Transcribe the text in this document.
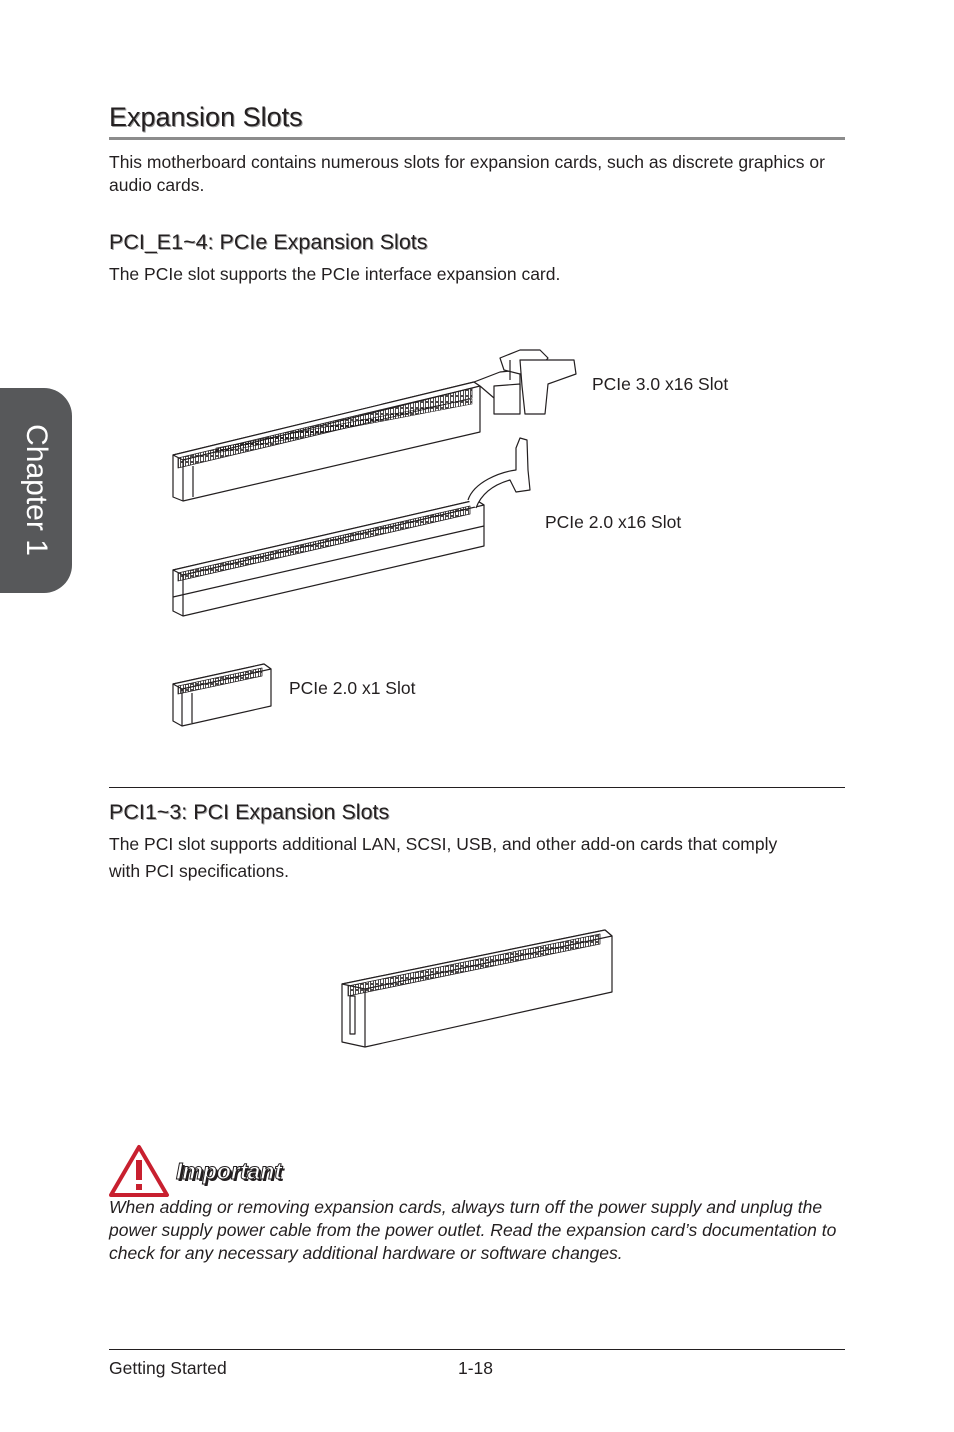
Chapter 1
Expansion Slots
This motherboard contains numerous slots for expansion cards, such as discrete graphics or audio cards.
PCI_E1~4: PCIe Expansion Slots
The PCIe slot supports the PCIe interface expansion card.
PCIe 3.0 x16 Slot
PCIe 2.0 x16 Slot
PCIe 2.0 x1 Slot
PCI1~3: PCI Expansion Slots
The PCI slot supports additional LAN, SCSI, USB, and other add-on cards that comply
with PCI specifications.
Important
When adding or removing expansion cards, always turn off the power supply and unplug the power supply power cable from the power outlet. Read the expansion card’s documentation to check for any necessary additional hardware or software changes.
Getting Started	1-18
